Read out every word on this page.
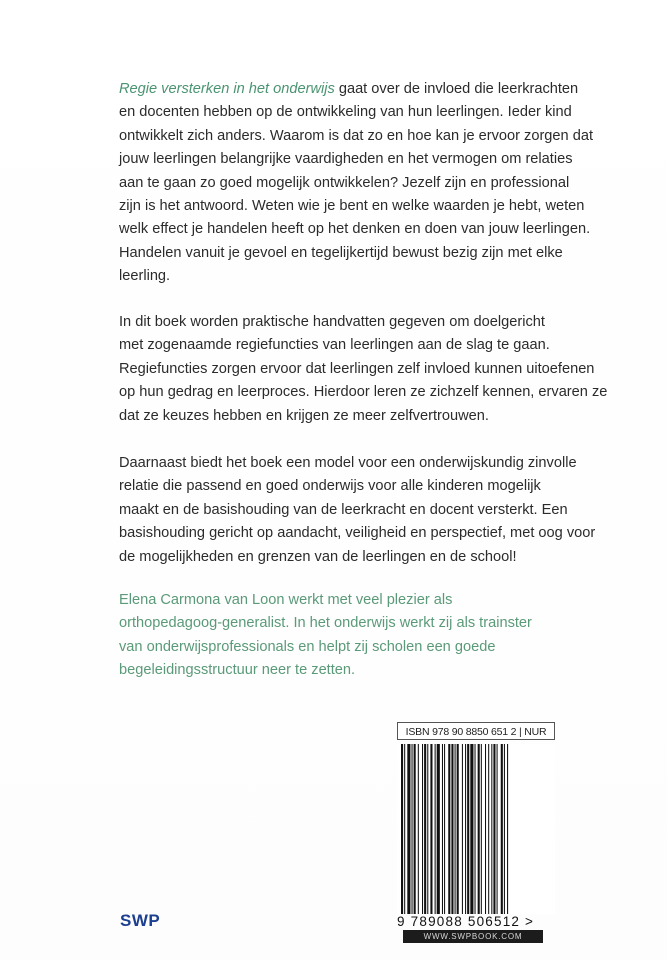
Regie versterken in het onderwijs gaat over de invloed die leerkrachten
en docenten hebben op de ontwikkeling van hun leerlingen. Ieder kind
ontwikkelt zich anders. Waarom is dat zo en hoe kan je ervoor zorgen dat
jouw leerlingen belangrijke vaardigheden en het vermogen om relaties
aan te gaan zo goed mogelijk ontwikkelen? Jezelf zijn en professional
zijn is het antwoord. Weten wie je bent en welke waarden je hebt, weten
welk effect je handelen heeft op het denken en doen van jouw leerlingen.
Handelen vanuit je gevoel en tegelijkertijd bewust bezig zijn met elke
leerling.
In dit boek worden praktische handvatten gegeven om doelgericht
met zogenaamde regiefuncties van leerlingen aan de slag te gaan.
Regiefuncties zorgen ervoor dat leerlingen zelf invloed kunnen uitoefenen
op hun gedrag en leerproces. Hierdoor leren ze zichzelf kennen, ervaren ze
dat ze keuzes hebben en krijgen ze meer zelfvertrouwen.
Daarnaast biedt het boek een model voor een onderwijskundig zinvolle
relatie die passend en goed onderwijs voor alle kinderen mogelijk
maakt en de basishouding van de leerkracht en docent versterkt. Een
basishouding gericht op aandacht, veiligheid en perspectief, met oog voor
de mogelijkheden en grenzen van de leerlingen en de school!
Elena Carmona van Loon werkt met veel plezier als
orthopedagoog-generalist. In het onderwijs werkt zij als trainster
van onderwijsprofessionals en helpt zij scholen een goede
begeleidingsstructuur neer te zetten.
SWP
ISBN 978 90 8850 651 2 | NUR
9 789088 506512 >
WWW.SWPBOOK.COM
